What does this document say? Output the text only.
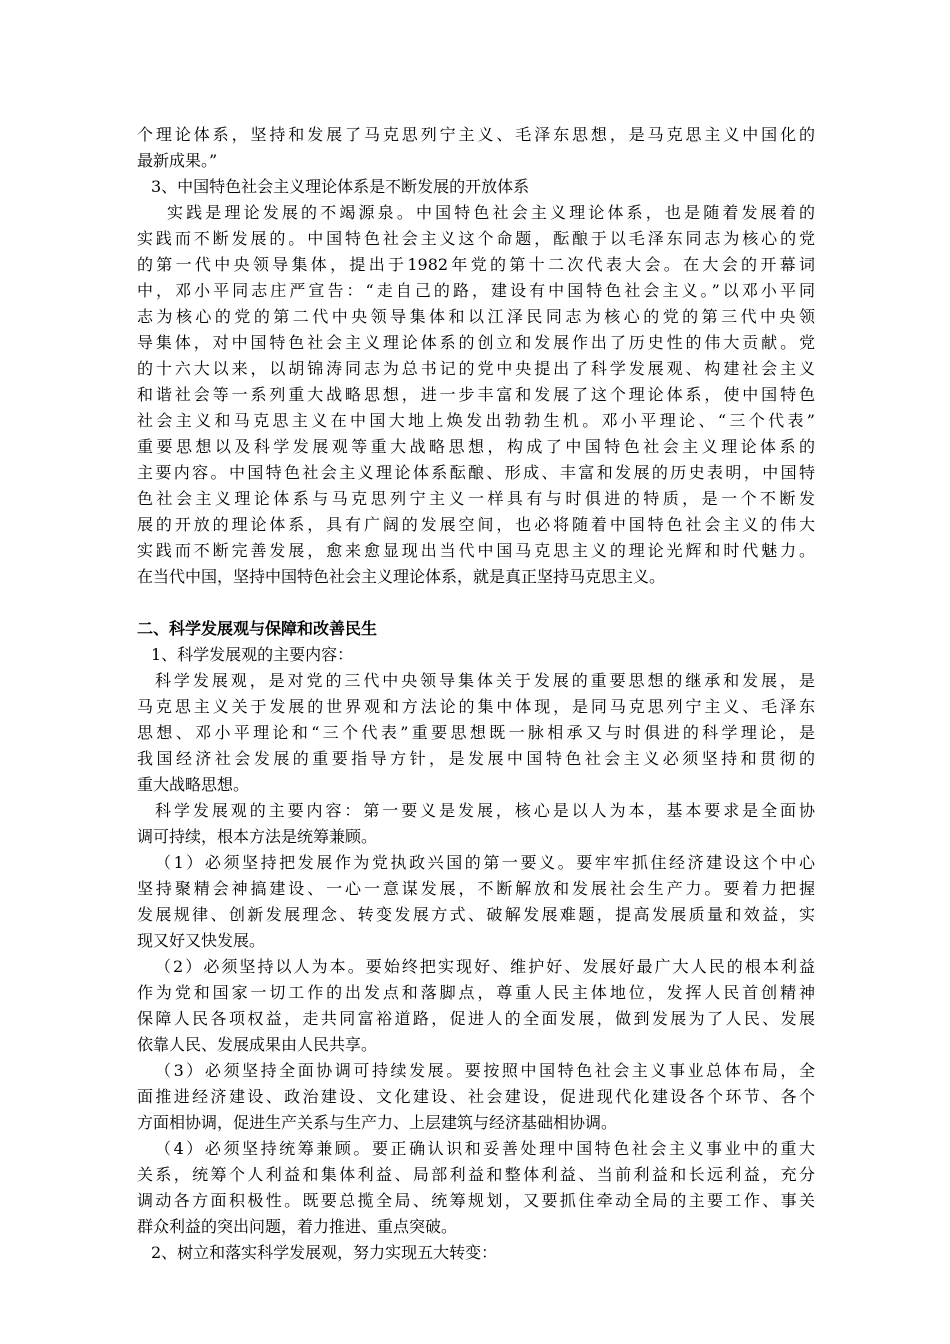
个理论体系，坚持和发展了马克思列宁主义、毛泽东思想，是马克思主义中国化的
最新成果。”
3、中国特色社会主义理论体系是不断发展的开放体系
实践是理论发展的不竭源泉。中国特色社会主义理论体系，也是随着发展着的
实践而不断发展的。中国特色社会主义这个命题，酝酿于以毛泽东同志为核心的党
的第一代中央领导集体，提出于1982年党的第十二次代表大会。在大会的开幕词
中，邓小平同志庄严宣告：“走自己的路，建设有中国特色社会主义。”以邓小平同
志为核心的党的第二代中央领导集体和以江泽民同志为核心的党的第三代中央领
导集体，对中国特色社会主义理论体系的创立和发展作出了历史性的伟大贡献。党
的十六大以来，以胡锦涛同志为总书记的党中央提出了科学发展观、构建社会主义
和谐社会等一系列重大战略思想，进一步丰富和发展了这个理论体系，使中国特色
社会主义和马克思主义在中国大地上焕发出勃勃生机。邓小平理论、“三个代表”
重要思想以及科学发展观等重大战略思想，构成了中国特色社会主义理论体系的
主要内容。中国特色社会主义理论体系酝酿、形成、丰富和发展的历史表明，中国特
色社会主义理论体系与马克思列宁主义一样具有与时俱进的特质，是一个不断发
展的开放的理论体系，具有广阔的发展空间，也必将随着中国特色社会主义的伟大
实践而不断完善发展，愈来愈显现出当代中国马克思主义的理论光辉和时代魅力。
在当代中国，坚持中国特色社会主义理论体系，就是真正坚持马克思主义。
二、科学发展观与保障和改善民生
1、科学发展观的主要内容：
科学发展观，是对党的三代中央领导集体关于发展的重要思想的继承和发展，是
马克思主义关于发展的世界观和方法论的集中体现，是同马克思列宁主义、毛泽东
思想、邓小平理论和“三个代表”重要思想既一脉相承又与时俱进的科学理论，是
我国经济社会发展的重要指导方针，是发展中国特色社会主义必须坚持和贯彻的
重大战略思想。
科学发展观的主要内容：第一要义是发展，核心是以人为本，基本要求是全面协
调可持续，根本方法是统筹兼顾。
（1）必须坚持把发展作为党执政兴国的第一要义。要牢牢抓住经济建设这个中心
坚持聚精会神搞建设、一心一意谋发展，不断解放和发展社会生产力。要着力把握
发展规律、创新发展理念、转变发展方式、破解发展难题，提高发展质量和效益，实
现又好又快发展。
（2）必须坚持以人为本。要始终把实现好、维护好、发展好最广大人民的根本利益
作为党和国家一切工作的出发点和落脚点，尊重人民主体地位，发挥人民首创精神
保障人民各项权益，走共同富裕道路，促进人的全面发展，做到发展为了人民、发展
依靠人民、发展成果由人民共享。
（3）必须坚持全面协调可持续发展。要按照中国特色社会主义事业总体布局，全
面推进经济建设、政治建设、文化建设、社会建设，促进现代化建设各个环节、各个
方面相协调，促进生产关系与生产力、上层建筑与经济基础相协调。
（4）必须坚持统筹兼顾。要正确认识和妥善处理中国特色社会主义事业中的重大
关系，统筹个人利益和集体利益、局部利益和整体利益、当前利益和长远利益，充分
调动各方面积极性。既要总揽全局、统筹规划，又要抓住牵动全局的主要工作、事关
群众利益的突出问题，着力推进、重点突破。
2、树立和落实科学发展观，努力实现五大转变：
